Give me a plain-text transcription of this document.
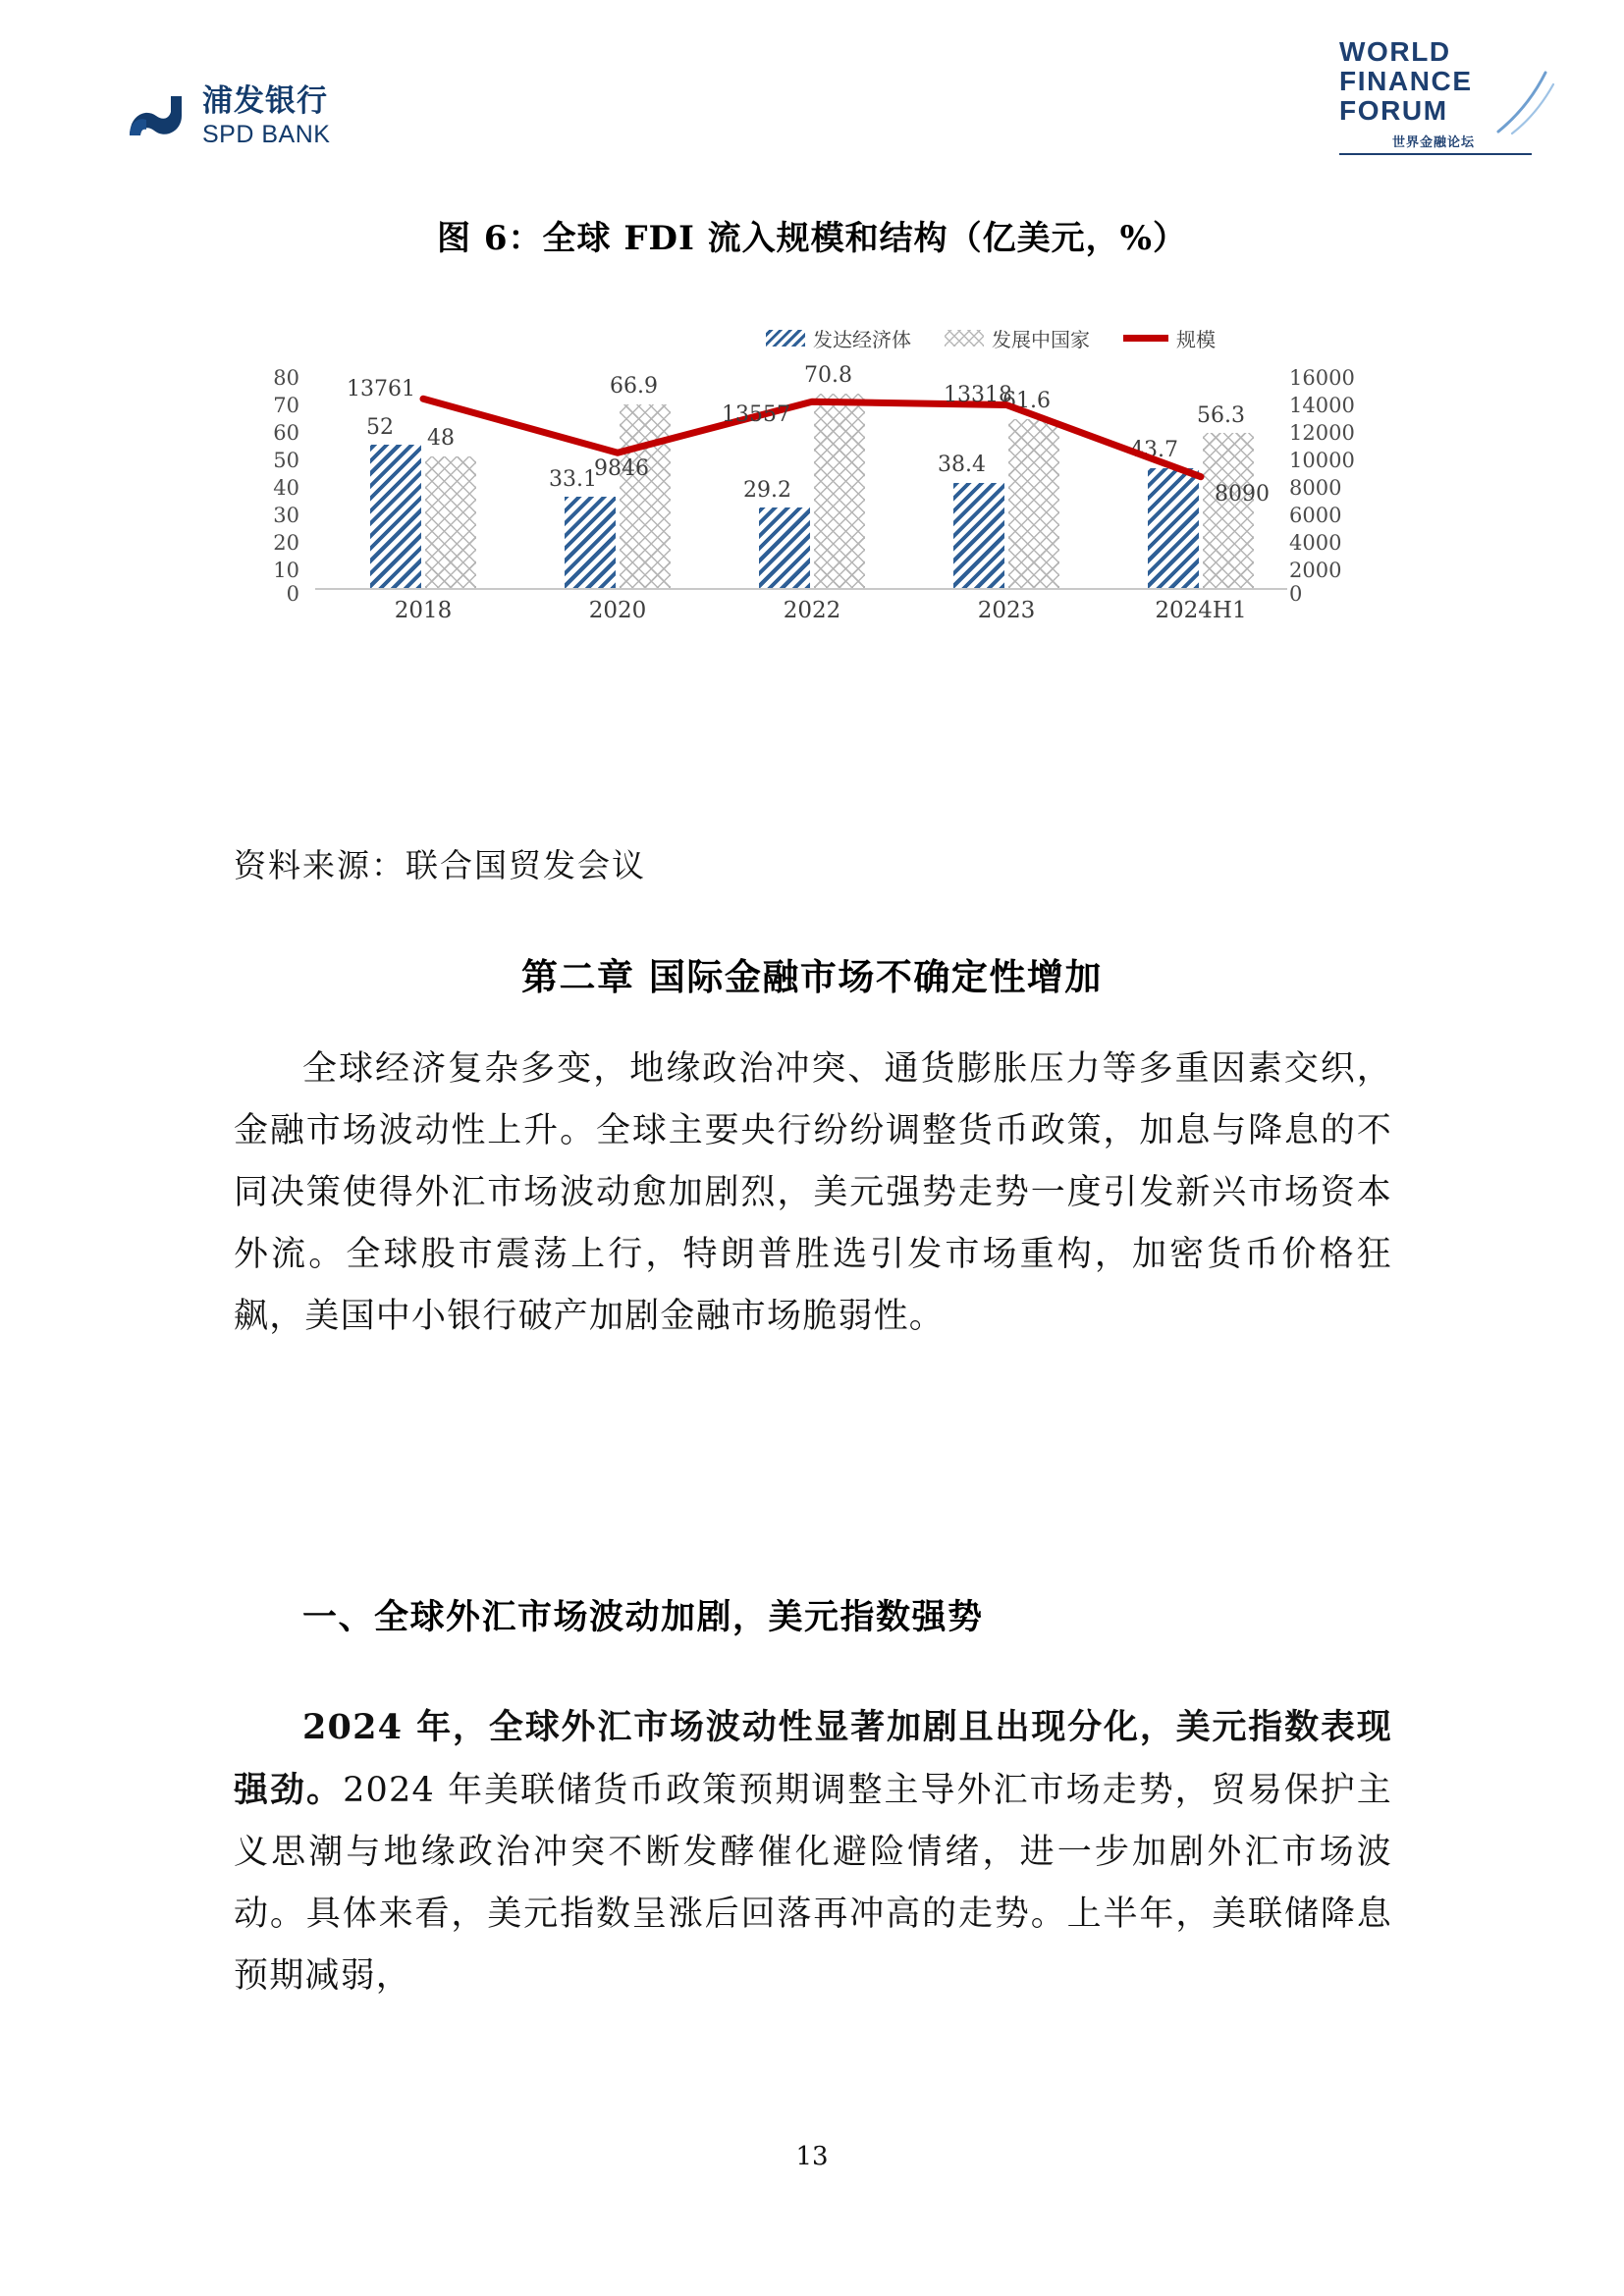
浦发银行
SPD BANK
WORLD
FINANCE
FORUM
世界金融论坛
图 6：全球 FDI 流入规模和结构（亿美元，%）
发达经济体	发展中国家	规模
80
70
60
50
40
30
20
10
0
16000
14000
12000
10000
8000
6000
4000
2000
0
52 48
33.1
66.9
29.2
70.8
38.4
61.6
43.7
56.3
13761
9846
13557
13318
8090
2018	2020	2022	2023	2024H1
资料来源：联合国贸发会议
第二章 国际金融市场不确定性增加
全球经济复杂多变，地缘政治冲突、通货膨胀压力等多重因素交织，金融市场波动性上升。全球主要央行纷纷调整货币政策，加息与降息的不同决策使得外汇市场波动愈加剧烈，美元强势走势一度引发新兴市场资本外流。全球股市震荡上行，特朗普胜选引发市场重构，加密货币价格狂飙，美国中小银行破产加剧金融市场脆弱性。
一、全球外汇市场波动加剧，美元指数强势
2024 年，全球外汇市场波动性显著加剧且出现分化，美元指数表现强劲。2024 年美联储货币政策预期调整主导外汇市场走势，贸易保护主义思潮与地缘政治冲突不断发酵催化避险情绪，进一步加剧外汇市场波动。具体来看，美元指数呈涨后回落再冲高的走势。上半年，美联储降息预期减弱，
13
